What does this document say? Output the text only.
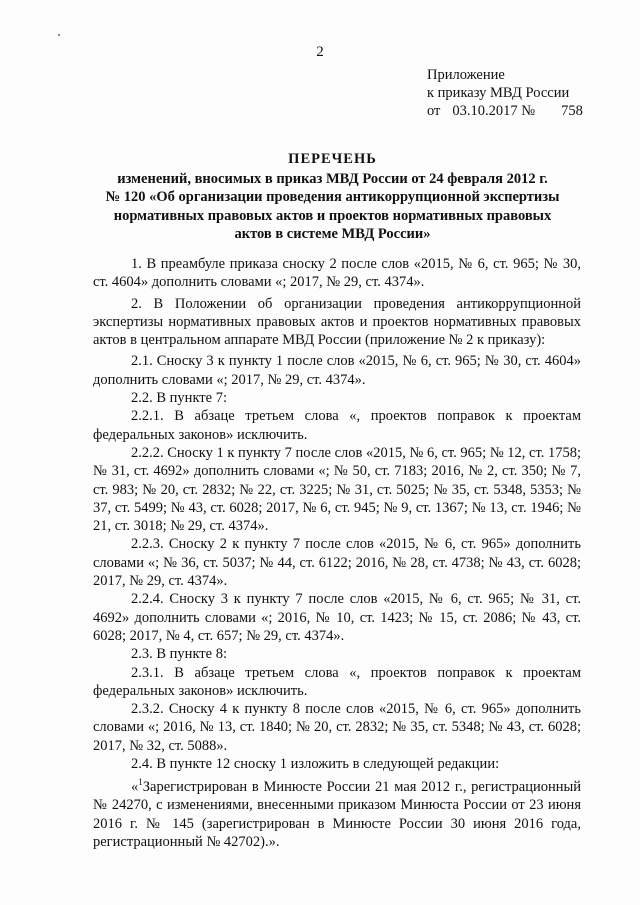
2
Приложение
к приказу МВД России
от 03.10.2017 № 758
ПЕРЕЧЕНЬ
изменений, вносимых в приказ МВД России от 24 февраля 2012 г.
№ 120 «Об организации проведения антикоррупционной экспертизы
нормативных правовых актов и проектов нормативных правовых
актов в системе МВД России»

1. В преамбуле приказа сноску 2 после слов «2015, № 6, ст. 965; № 30, ст. 4604» дополнить словами «; 2017, № 29, ст. 4374».

2. В Положении об организации проведения антикоррупционной экспертизы нормативных правовых актов и проектов нормативных правовых актов в центральном аппарате МВД России (приложение № 2 к приказу):

2.1. Сноску 3 к пункту 1 после слов «2015, № 6, ст. 965; № 30, ст. 4604» дополнить словами «; 2017, № 29, ст. 4374».

2.2. В пункте 7:

2.2.1. В абзаце третьем слова «, проектов поправок к проектам федеральных законов» исключить.

2.2.2. Сноску 1 к пункту 7 после слов «2015, № 6, ст. 965; № 12, ст. 1758; № 31, ст. 4692» дополнить словами «; № 50, ст. 7183; 2016, № 2, ст. 350; № 7, ст. 983; № 20, ст. 2832; № 22, ст. 3225; № 31, ст. 5025; № 35, ст. 5348, 5353; № 37, ст. 5499; № 43, ст. 6028; 2017, № 6, ст. 945; № 9, ст. 1367; № 13, ст. 1946; № 21, ст. 3018; № 29, ст. 4374».

2.2.3. Сноску 2 к пункту 7 после слов «2015, № 6, ст. 965» дополнить словами «; № 36, ст. 5037; № 44, ст. 6122; 2016, № 28, ст. 4738; № 43, ст. 6028; 2017, № 29, ст. 4374».

2.2.4. Сноску 3 к пункту 7 после слов «2015, № 6, ст. 965; № 31, ст. 4692» дополнить словами «; 2016, № 10, ст. 1423; № 15, ст. 2086; № 43, ст. 6028; 2017, № 4, ст. 657; № 29, ст. 4374».

2.3. В пункте 8:

2.3.1. В абзаце третьем слова «, проектов поправок к проектам федеральных законов» исключить.

2.3.2. Сноску 4 к пункту 8 после слов «2015, № 6, ст. 965» дополнить словами «; 2016, № 13, ст. 1840; № 20, ст. 2832; № 35, ст. 5348; № 43, ст. 6028; 2017, № 32, ст. 5088».

2.4. В пункте 12 сноску 1 изложить в следующей редакции:

«$^1$Зарегистрирован в Минюсте России 21 мая 2012 г., регистрационный № 24270, с изменениями, внесенными приказом Минюста России от 23 июня 2016 г. № 145 (зарегистрирован в Минюсте России 30 июня 2016 года, регистрационный № 42702).».
